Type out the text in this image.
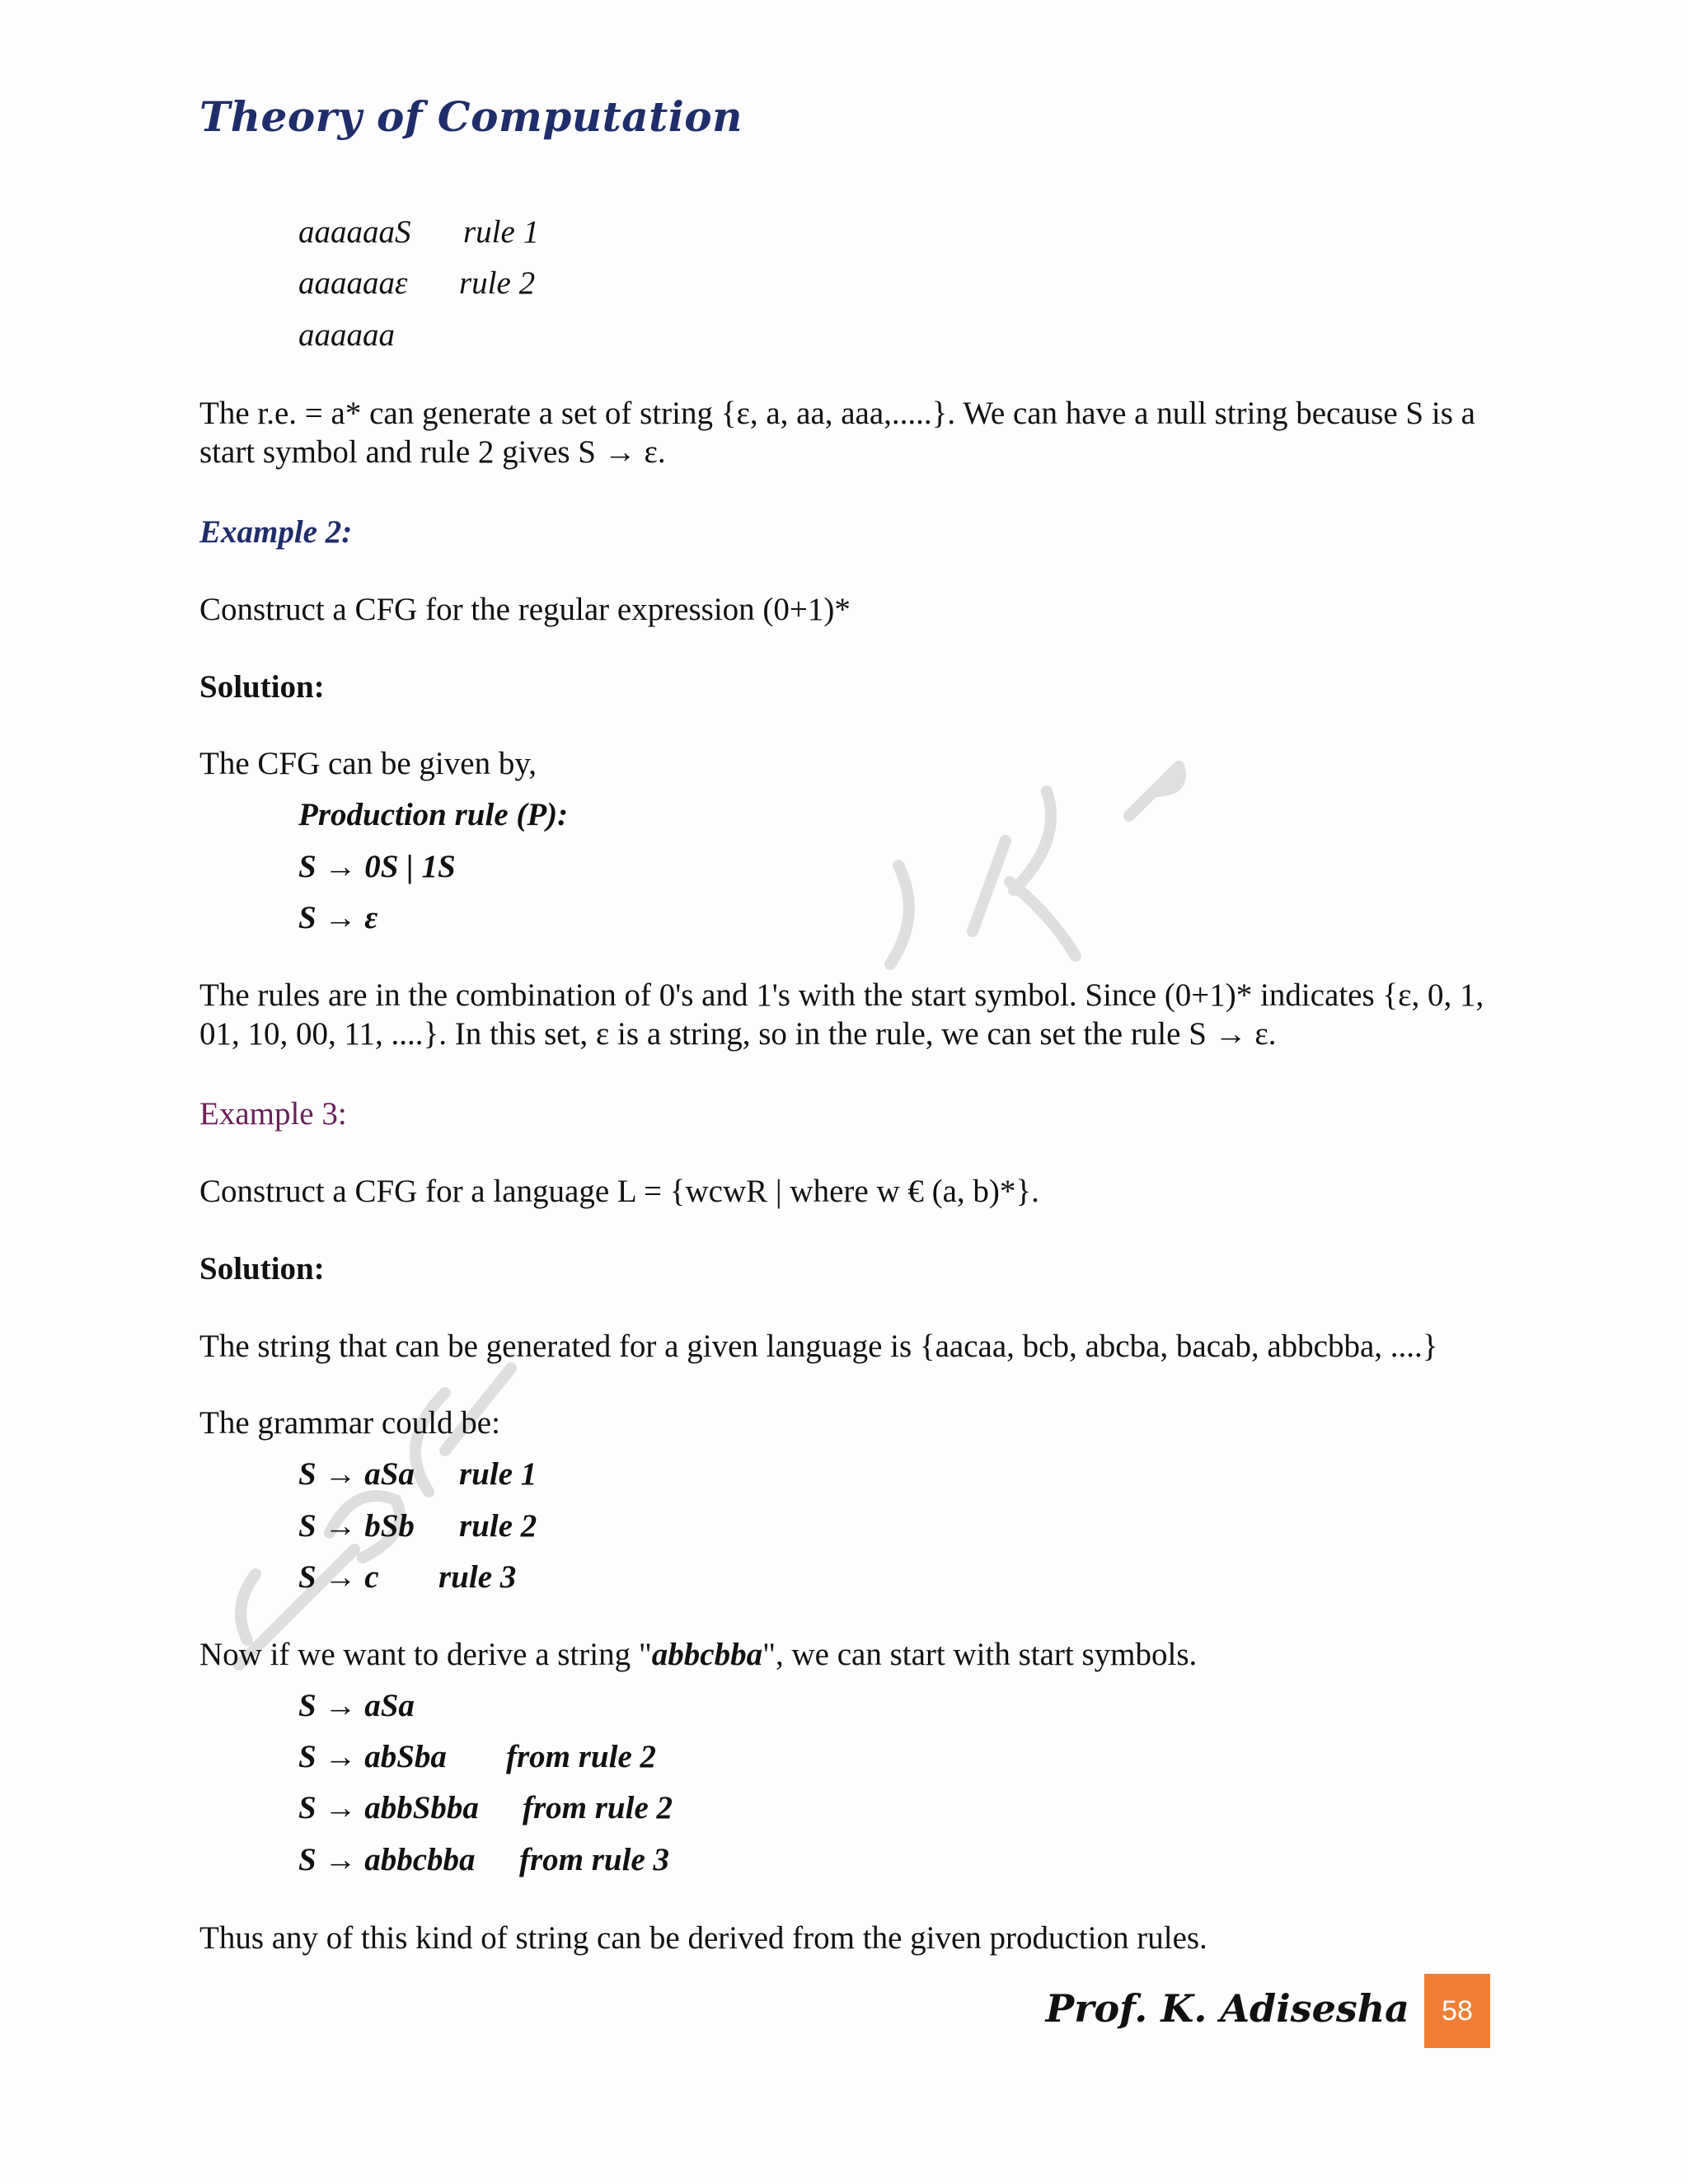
Theory of Computation
aaaaaaS rule 1
aaaaaaε rule 2
aaaaaa
The r.e. = a* can generate a set of string {ε, a, aa, aaa,.....}. We can have a null string because S is a start symbol and rule 2 gives S → ε.
Example 2:
Construct a CFG for the regular expression (0+1)*
Solution:
The CFG can be given by,
Production rule (P):
S → 0S | 1S
S → ε
The rules are in the combination of 0's and 1's with the start symbol. Since (0+1)* indicates {ε, 0, 1, 01, 10, 00, 11, ....}. In this set, ε is a string, so in the rule, we can set the rule S → ε.
Example 3:
Construct a CFG for a language L = {wcwR | where w € (a, b)*}.
Solution:
The string that can be generated for a given language is {aacaa, bcb, abcba, bacab, abbcbba, ....}
The grammar could be:
S → aSa rule 1
S → bSb rule 2
S → c rule 3
Now if we want to derive a string "abbcbba", we can start with start symbols.
S → aSa
S → abSba from rule 2
S → abbSbba from rule 2
S → abbcbba from rule 3
Thus any of this kind of string can be derived from the given production rules.
Prof. K. Adisesha	58
